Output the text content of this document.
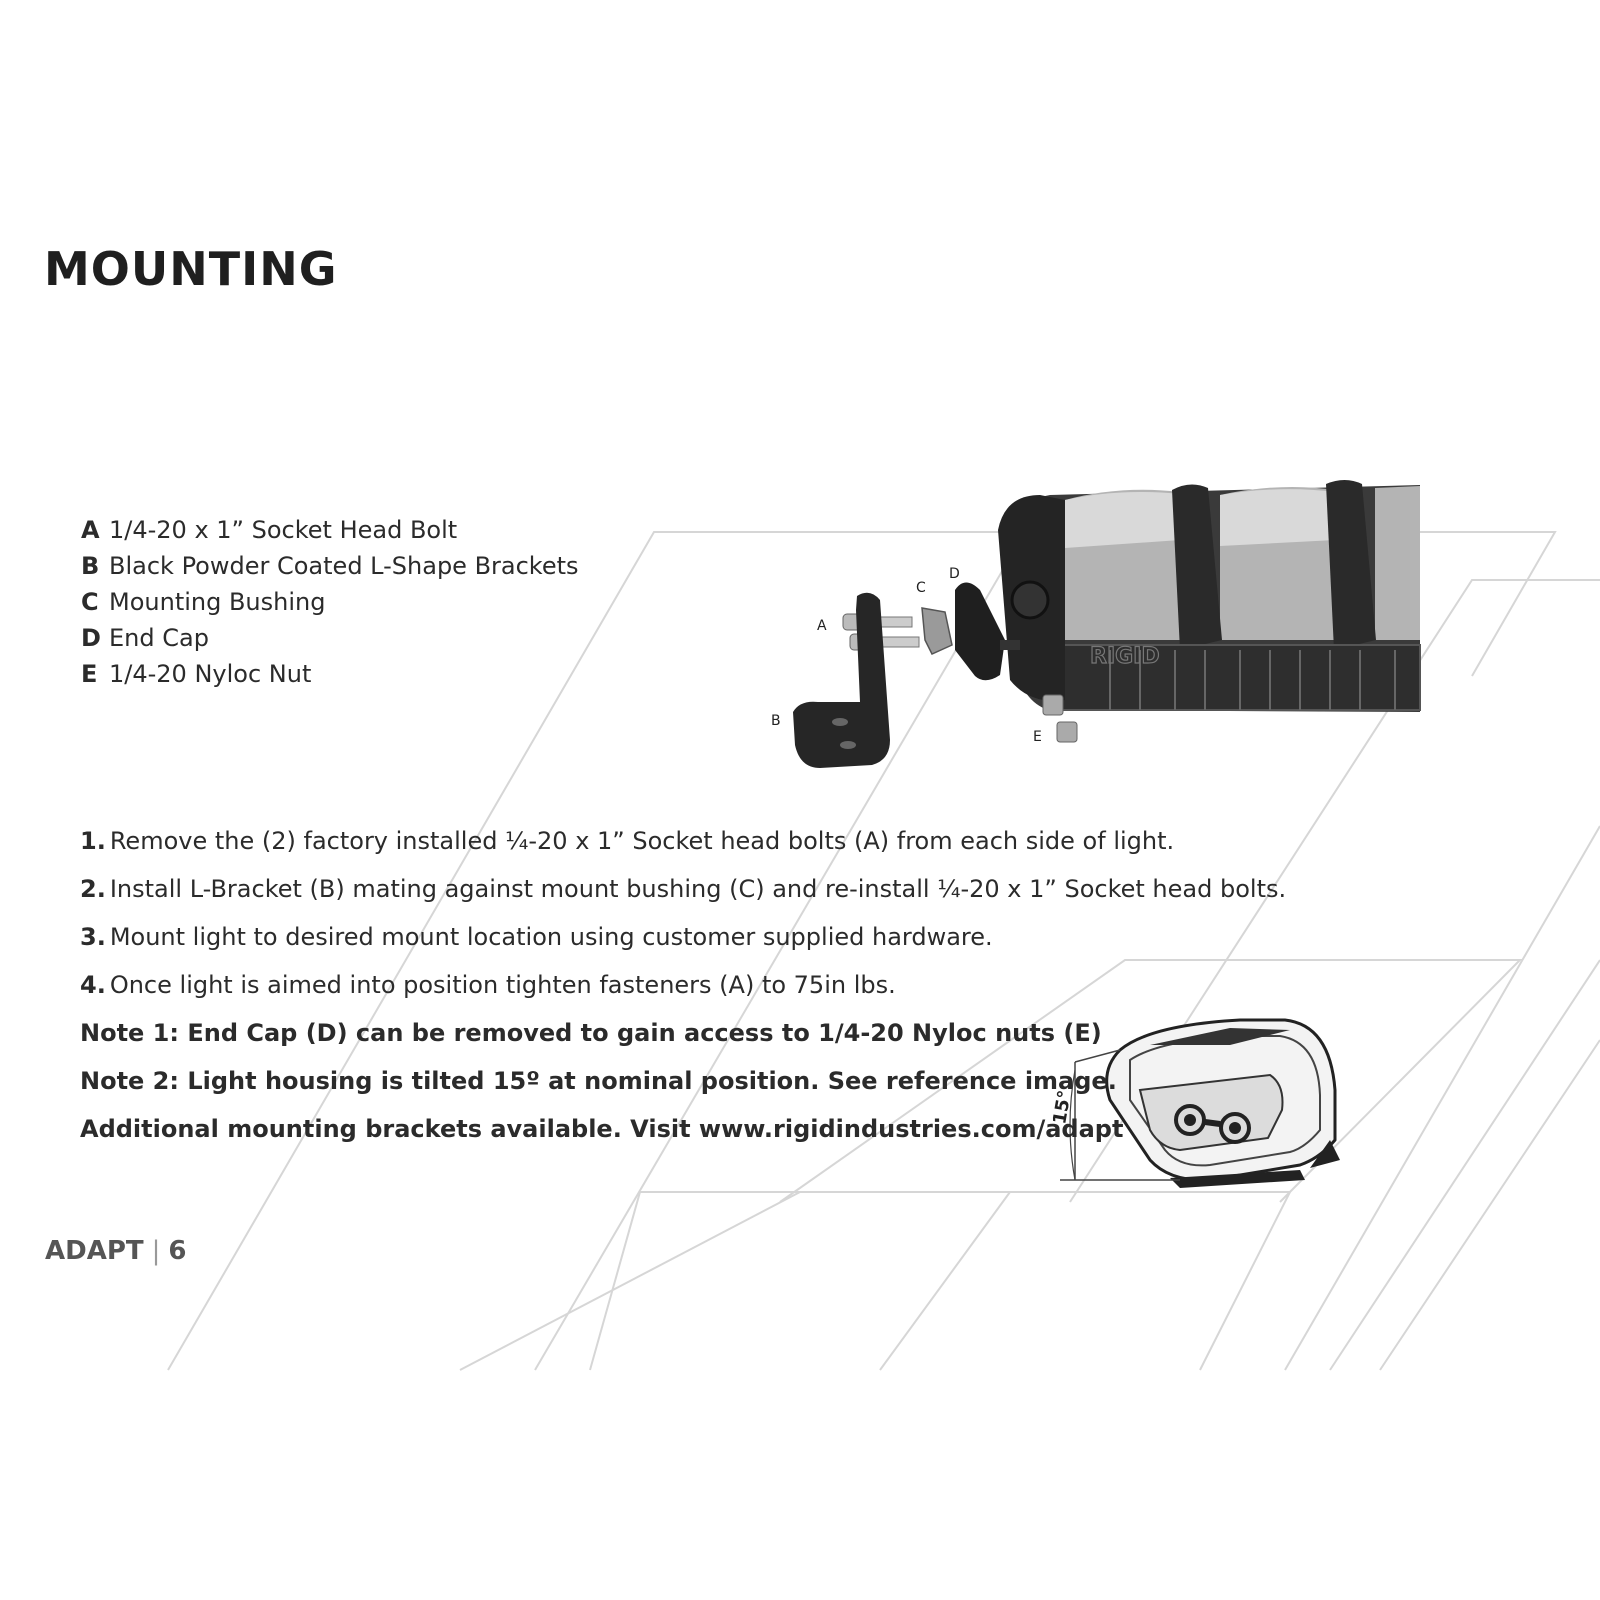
MOUNTING
A 1/4-20 x 1” Socket Head Bolt
B Black Powder Coated L-Shape Brackets
C Mounting Bushing
D End Cap
E 1/4-20 Nyloc Nut
RIGID
A
B
C
D
E
15°
1. Remove the (2) factory installed ¼-20 x 1” Socket head bolts (A) from each side of light.
2. Install L-Bracket (B) mating against mount bushing (C) and re-install ¼-20 x 1” Socket head bolts.
3. Mount light to desired mount location using customer supplied hardware.
4. Once light is aimed into position tighten fasteners (A) to 75in lbs.
Note 1: End Cap (D) can be removed to gain access to 1/4-20 Nyloc nuts (E)
Note 2: Light housing is tilted 15º at nominal position. See reference image.
Additional mounting brackets available. Visit www.rigidindustries.com/adapt
ADAPT | 6
